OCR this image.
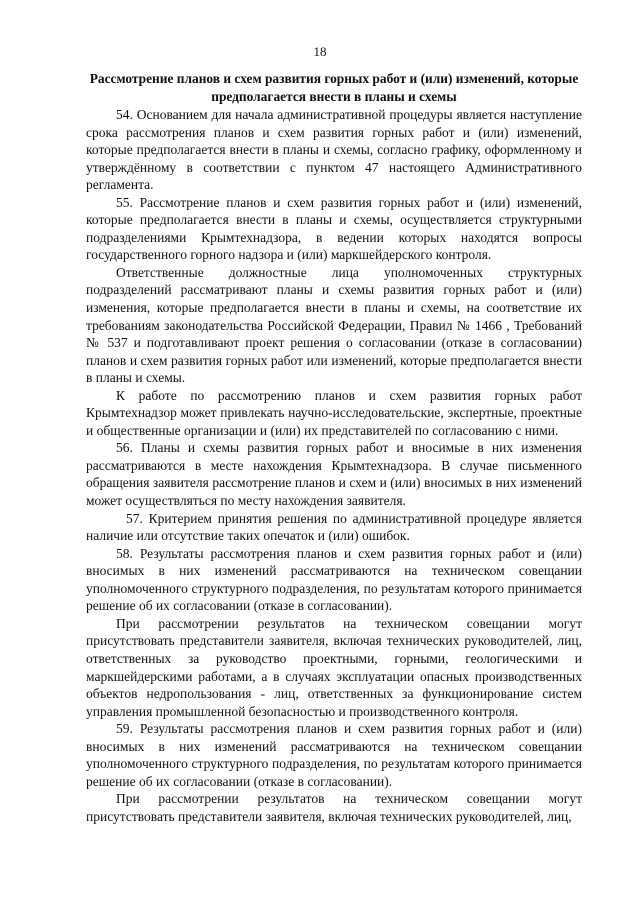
18
Рассмотрение планов и схем развития горных работ и (или) изменений, которые предполагается внести в планы и схемы

54. Основанием для начала административной процедуры является наступление срока рассмотрения планов и схем развития горных работ и (или) изменений, которые предполагается внести в планы и схемы, согласно графику, оформленному и утверждённому в соответствии с пунктом 47 настоящего Административного регламента.

55. Рассмотрение планов и схем развития горных работ и (или) изменений, которые предполагается внести в планы и схемы, осуществляется структурными подразделениями Крымтехнадзора, в ведении которых находятся вопросы государственного горного надзора и (или) маркшейдерского контроля.

Ответственные должностные лица уполномоченных структурных подразделений рассматривают планы и схемы развития горных работ и (или) изменения, которые предполагается внести в планы и схемы, на соответствие их требованиям законодательства Российской Федерации, Правил № 1466 , Требований № 537 и подготавливают проект решения о согласовании (отказе в согласовании) планов и схем развития горных работ или изменений, которые предполагается внести в планы и схемы.

К работе по рассмотрению планов и схем развития горных работ Крымтехнадзор может привлекать научно-исследовательские, экспертные, проектные и общественные организации и (или) их представителей по согласованию с ними.

56. Планы и схемы развития горных работ и вносимые в них изменения рассматриваются в месте нахождения Крымтехнадзора. В случае письменного обращения заявителя рассмотрение планов и схем и (или) вносимых в них изменений может осуществляться по месту нахождения заявителя.

57. Критерием принятия решения по административной процедуре является наличие или отсутствие таких опечаток и (или) ошибок.

58. Результаты рассмотрения планов и схем развития горных работ и (или) вносимых в них изменений рассматриваются на техническом совещании уполномоченного структурного подразделения, по результатам которого принимается решение об их согласовании (отказе в согласовании).

При рассмотрении результатов на техническом совещании могут присутствовать представители заявителя, включая технических руководителей, лиц, ответственных за руководство проектными, горными, геологическими и маркшейдерскими работами, а в случаях эксплуатации опасных производственных объектов недропользования - лиц, ответственных за функционирование систем управления промышленной безопасностью и производственного контроля.

59. Результаты рассмотрения планов и схем развития горных работ и (или) вносимых в них изменений рассматриваются на техническом совещании уполномоченного структурного подразделения, по результатам которого принимается решение об их согласовании (отказе в согласовании).

При рассмотрении результатов на техническом совещании могут присутствовать представители заявителя, включая технических руководителей, лиц,
